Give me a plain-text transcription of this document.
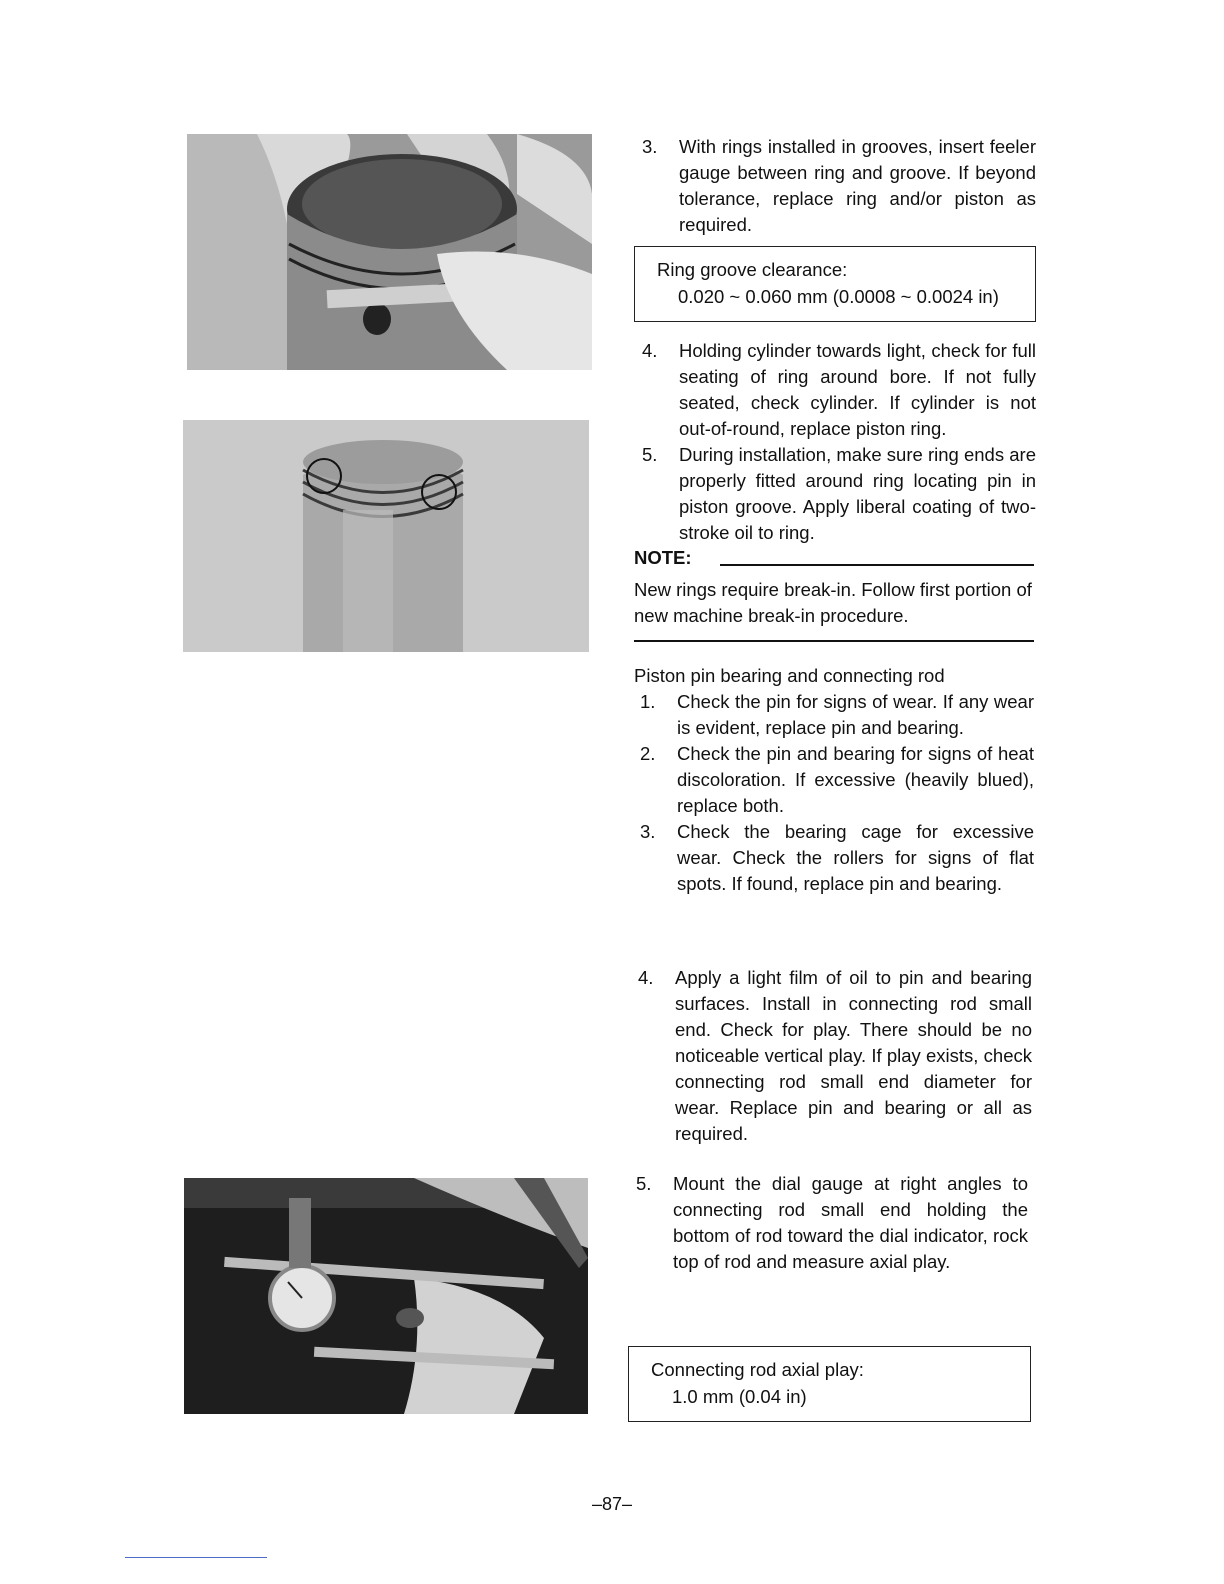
3. With rings installed in grooves, insert feeler gauge between ring and groove. If beyond tolerance, replace ring and/or piston as required.
Ring groove clearance:
0.020 ~ 0.060 mm (0.0008 ~ 0.0024 in)
4. Holding cylinder towards light, check for full seating of ring around bore. If not fully seated, check cylinder. If cylinder is not out-of-round, replace piston ring.
5. During installation, make sure ring ends are properly fitted around ring locating pin in piston groove. Apply liberal coating of two-stroke oil to ring.
NOTE:
New rings require break-in. Follow first portion of new machine break-in procedure.
Piston pin bearing and connecting rod
1. Check the pin for signs of wear. If any wear is evident, replace pin and bearing.
2. Check the pin and bearing for signs of heat discoloration. If excessive (heavily blued), replace both.
3. Check the bearing cage for excessive wear. Check the rollers for signs of flat spots. If found, replace pin and bearing.
4. Apply a light film of oil to pin and bearing surfaces. Install in connecting rod small end. Check for play. There should be no noticeable vertical play. If play exists, check connecting rod small end diameter for wear. Replace pin and bearing or all as required.
5. Mount the dial gauge at right angles to connecting rod small end holding the bottom of rod toward the dial indicator, rock top of rod and measure axial play.
Connecting rod axial play:
1.0 mm (0.04 in)
–87–
